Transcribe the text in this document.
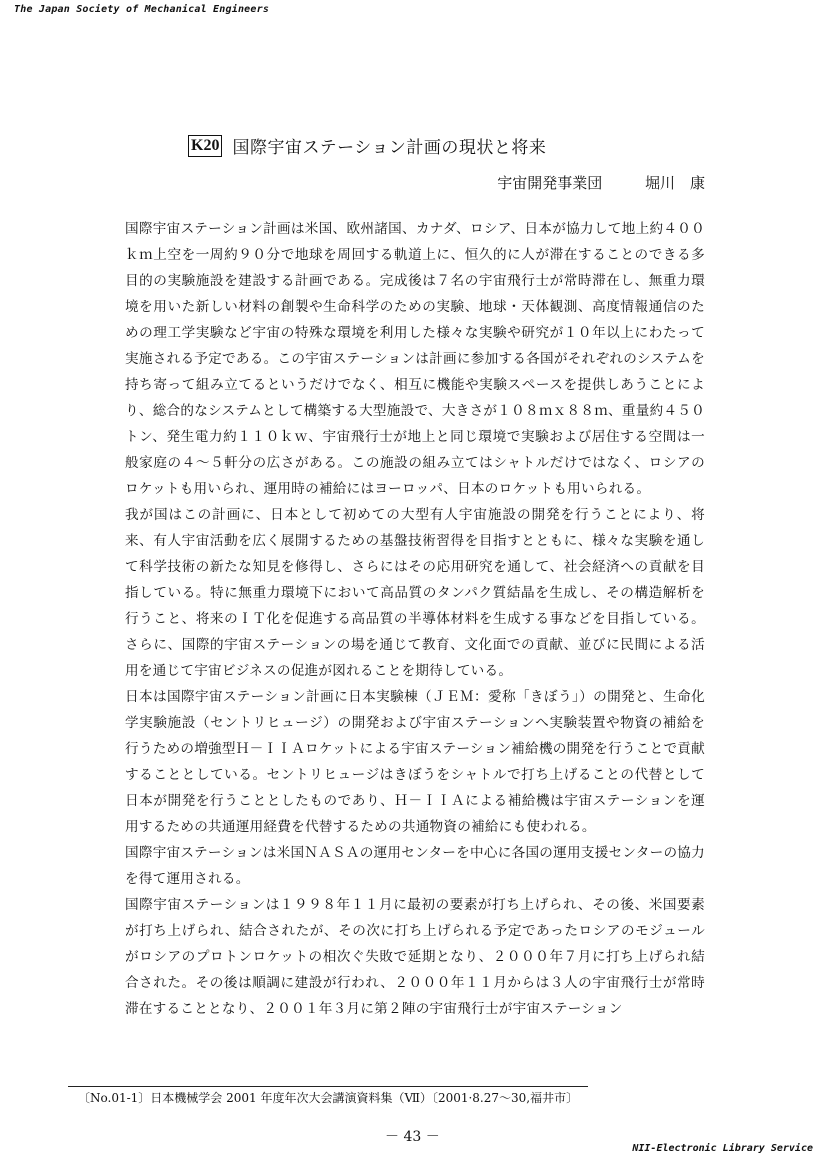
The Japan Society of Mechanical Engineers
K20 国際宇宙ステーション計画の現状と将来
宇宙開発事業団	堀川　康

国際宇宙ステーション計画は米国、欧州諸国、カナダ、ロシア、日本が協力して地上約４００ｋｍ上空を一周約９０分で地球を周回する軌道上に、恒久的に人が滞在することのできる多目的の実験施設を建設する計画である。完成後は７名の宇宙飛行士が常時滞在し、無重力環境を用いた新しい材料の創製や生命科学のための実験、地球・天体観測、高度情報通信のための理工学実験など宇宙の特殊な環境を利用した様々な実験や研究が１０年以上にわたって実施される予定である。この宇宙ステーションは計画に参加する各国がそれぞれのシステムを持ち寄って組み立てるというだけでなく、相互に機能や実験スペースを提供しあうことにより、総合的なシステムとして構築する大型施設で、大きさが１０８ｍｘ８８ｍ、重量約４５０トン、発生電力約１１０ｋｗ、宇宙飛行士が地上と同じ環境で実験および居住する空間は一般家庭の４～５軒分の広さがある。この施設の組み立てはシャトルだけではなく、ロシアのロケットも用いられ、運用時の補給にはヨーロッパ、日本のロケットも用いられる。

我が国はこの計画に、日本として初めての大型有人宇宙施設の開発を行うことにより、将来、有人宇宙活動を広く展開するための基盤技術習得を目指すとともに、様々な実験を通して科学技術の新たな知見を修得し、さらにはその応用研究を通して、社会経済への貢献を目指している。特に無重力環境下において高品質のタンパク質結晶を生成し、その構造解析を行うこと、将来のＩＴ化を促進する高品質の半導体材料を生成する事などを目指している。さらに、国際的宇宙ステーションの場を通じて教育、文化面での貢献、並びに民間による活用を通じて宇宙ビジネスの促進が図れることを期待している。

日本は国際宇宙ステーション計画に日本実験棟（ＪＥＭ：愛称「きぼう」）の開発と、生命化学実験施設（セントリヒュージ）の開発および宇宙ステーションへ実験装置や物資の補給を行うための増強型Ｈ－ＩＩＡロケットによる宇宙ステーション補給機の開発を行うことで貢献することとしている。セントリヒュージはきぼうをシャトルで打ち上げることの代替として日本が開発を行うこととしたものであり、Ｈ－ＩＩＡによる補給機は宇宙ステーションを運用するための共通運用経費を代替するための共通物資の補給にも使われる。

国際宇宙ステーションは米国ＮＡＳＡの運用センターを中心に各国の運用支援センターの協力を得て運用される。

国際宇宙ステーションは１９９８年１１月に最初の要素が打ち上げられ、その後、米国要素が打ち上げられ、結合されたが、その次に打ち上げられる予定であったロシアのモジュールがロシアのプロトンロケットの相次ぐ失敗で延期となり、２０００年７月に打ち上げられ結合された。その後は順調に建設が行われ、２０００年１１月からは３人の宇宙飛行士が常時滞在することとなり、２００１年３月に第２陣の宇宙飛行士が宇宙ステーション

〔No.01-1〕日本機械学会 2001 年度年次大会講演資料集（Ⅶ）〔2001·8.27～30,福井市〕
－ 43 －
NII-Electronic Library Service
